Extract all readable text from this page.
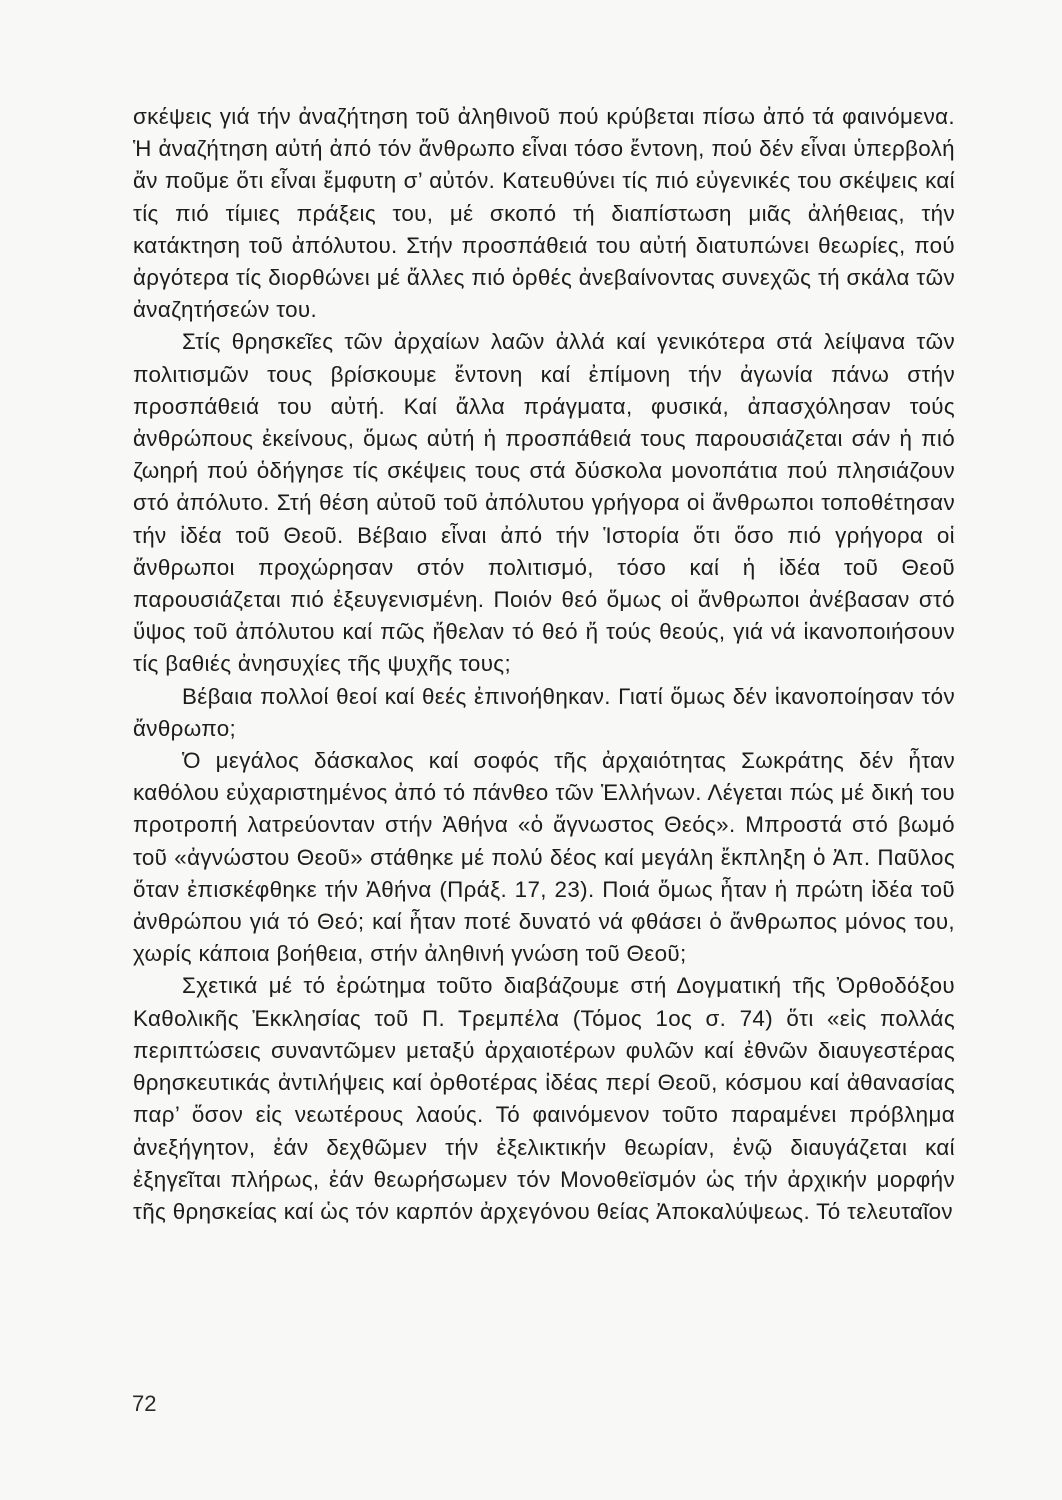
σκέψεις γιά τήν ἀναζήτηση τοῦ ἀληθινοῦ πού κρύβεται πίσω ἀπό τά φαινόμενα. Ἡ ἀναζήτηση αὐτή ἀπό τόν ἄνθρωπο εἶναι τόσο ἔντονη, πού δέν εἶναι ὑπερβολή ἄν ποῦμε ὅτι εἶναι ἔμφυτη σ’ αὐτόν. Κατευθύνει τίς πιό εὐγενικές του σκέψεις καί τίς πιό τίμιες πράξεις του, μέ σκοπό τή διαπίστωση μιᾶς ἀλήθειας, τήν κατάκτηση τοῦ ἀπόλυτου. Στήν προσπάθειά του αὐτή διατυπώνει θεωρίες, πού ἀργότερα τίς διορθώνει μέ ἄλλες πιό ὀρθές ἀνεβαίνοντας συνεχῶς τή σκάλα τῶν ἀναζητήσεών του.

Στίς θρησκεῖες τῶν ἀρχαίων λαῶν ἀλλά καί γενικότερα στά λείψανα τῶν πολιτισμῶν τους βρίσκουμε ἔντονη καί ἐπίμονη τήν ἀγωνία πάνω στήν προσπάθειά του αὐτή. Καί ἄλλα πράγματα, φυσικά, ἀπασχόλησαν τούς ἀνθρώπους ἐκείνους, ὅμως αὐτή ἡ προσπάθειά τους παρουσιάζεται σάν ἡ πιό ζωηρή πού ὁδήγησε τίς σκέψεις τους στά δύσκολα μονοπάτια πού πλησιάζουν στό ἀπόλυτο. Στή θέση αὐτοῦ τοῦ ἀπόλυτου γρήγορα οἱ ἄνθρωποι τοποθέτησαν τήν ἰδέα τοῦ Θεοῦ. Βέβαιο εἶναι ἀπό τήν Ἱστορία ὅτι ὅσο πιό γρήγορα οἱ ἄνθρωποι προχώρησαν στόν πολιτισμό, τόσο καί ἡ ἰδέα τοῦ Θεοῦ παρουσιάζεται πιό ἐξευγενισμένη. Ποιόν θεό ὅμως οἱ ἄνθρωποι ἀνέβασαν στό ὕψος τοῦ ἀπόλυτου καί πῶς ἤθελαν τό θεό ἤ τούς θεούς, γιά νά ἱκανοποιήσουν τίς βαθιές ἀνησυχίες τῆς ψυχῆς τους;

Βέβαια πολλοί θεοί καί θεές ἐπινοήθηκαν. Γιατί ὅμως δέν ἱκανοποίησαν τόν ἄνθρωπο;

Ὁ μεγάλος δάσκαλος καί σοφός τῆς ἀρχαιότητας Σωκράτης δέν ἦταν καθόλου εὐχαριστημένος ἀπό τό πάνθεο τῶν Ἑλλήνων. Λέγεται πώς μέ δική του προτροπή λατρεύονταν στήν Ἀθήνα «ὁ ἄγνωστος Θεός». Μπροστά στό βωμό τοῦ «ἀγνώστου Θεοῦ» στάθηκε μέ πολύ δέος καί μεγάλη ἔκπληξη ὁ Ἀπ. Παῦλος ὅταν ἐπισκέφθηκε τήν Ἀθήνα (Πράξ. 17, 23). Ποιά ὅμως ἦταν ἡ πρώτη ἰδέα τοῦ ἀνθρώπου γιά τό Θεό; καί ἦταν ποτέ δυνατό νά φθάσει ὁ ἄνθρωπος μόνος του, χωρίς κάποια βοήθεια, στήν ἀληθινή γνώση τοῦ Θεοῦ;

Σχετικά μέ τό ἐρώτημα τοῦτο διαβάζουμε στή Δογματική τῆς Ὀρθοδόξου Καθολικῆς Ἐκκλησίας τοῦ Π. Τρεμπέλα (Τόμος 1ος σ. 74) ὅτι «εἰς πολλάς περιπτώσεις συναντῶμεν μεταξύ ἀρχαιοτέρων φυλῶν καί ἐθνῶν διαυγεστέρας θρησκευτικάς ἀντιλήψεις καί ὀρθοτέρας ἰδέας περί Θεοῦ, κόσμου καί ἀθανασίας παρ’ ὅσον εἰς νεωτέρους λαούς. Τό φαινόμενον τοῦτο παραμένει πρόβλημα ἀνεξήγητον, ἐάν δεχθῶμεν τήν ἐξελικτικήν θεωρίαν, ἐνῷ διαυγάζεται καί ἐξηγεῖται πλήρως, ἐάν θεωρήσωμεν τόν Μονοθεϊσμόν ὡς τήν ἀρχικήν μορφήν τῆς θρησκείας καί ὡς τόν καρπόν ἀρχεγόνου θείας Ἀποκαλύψεως. Τό τελευταῖον

72
